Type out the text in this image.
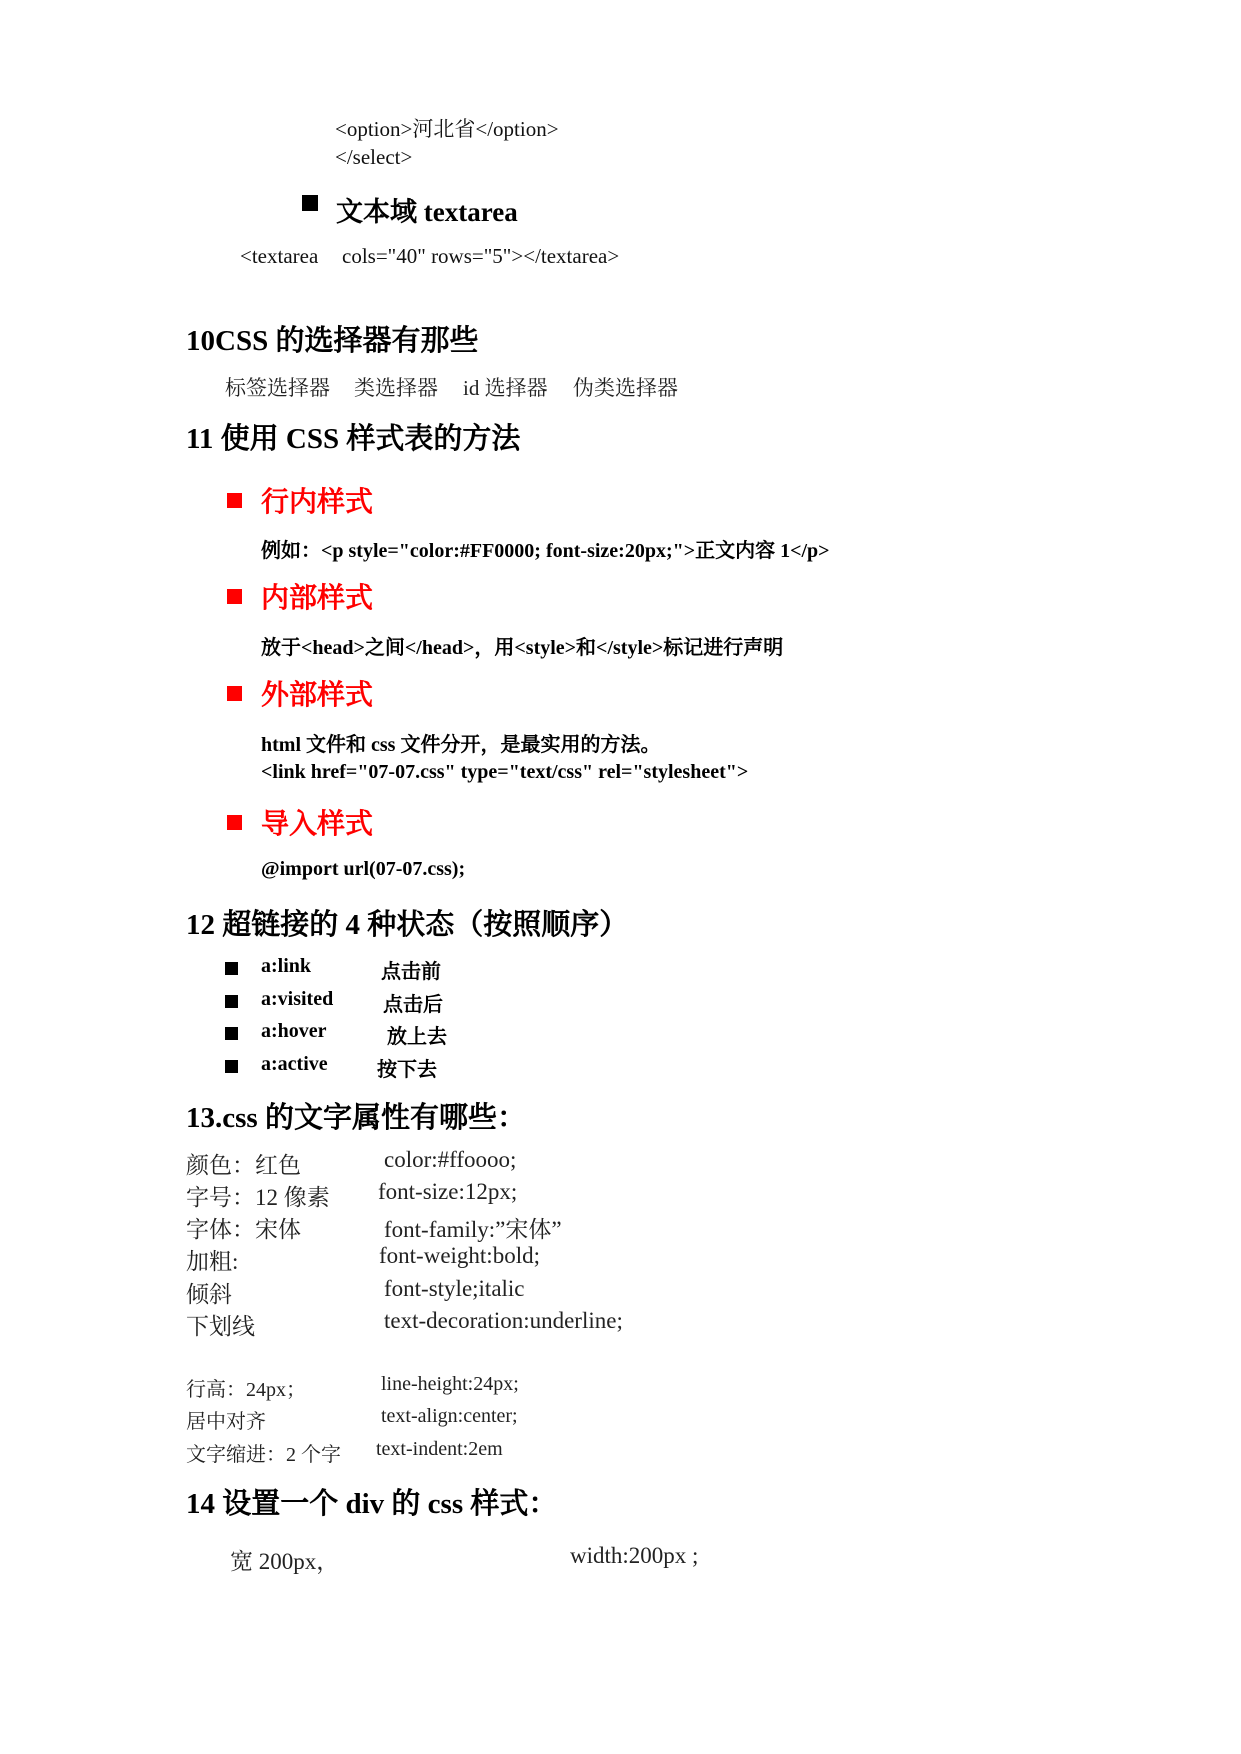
<option>河北省</option>
</select>
文本域 textarea
<textarea cols="40" rows="5"></textarea>
10CSS 的选择器有那些
标签选择器 类选择器 id 选择器 伪类选择器
11 使用 CSS 样式表的方法
行内样式
例如：<p style="color:#FF0000; font-size:20px;">正文内容 1</p>
内部样式
放于<head>之间</head>，用<style>和</style>标记进行声明
外部样式
html 文件和 css 文件分开，是最实用的方法。
<link href="07-07.css" type="text/css" rel="stylesheet">
导入样式
@import url(07-07.css);
12 超链接的 4 种状态（按照顺序）
a:link	点击前
a:visited 点击后
a:hover	放上去
a:active 按下去
13.css 的文字属性有哪些：
颜色：红色	color:#ffoooo;
字号：12 像素 font-size:12px;
字体：宋体	font-family:”宋体”
加粗:	font-weight:bold;
倾斜	font-style;italic
下划线	text-decoration:underline;
行高：24px；	line-height:24px;
居中对齐	text-align:center;
文字缩进：2 个字 text-indent:2em
14 设置一个 div 的 css 样式：
宽 200px，	width:200px ;
